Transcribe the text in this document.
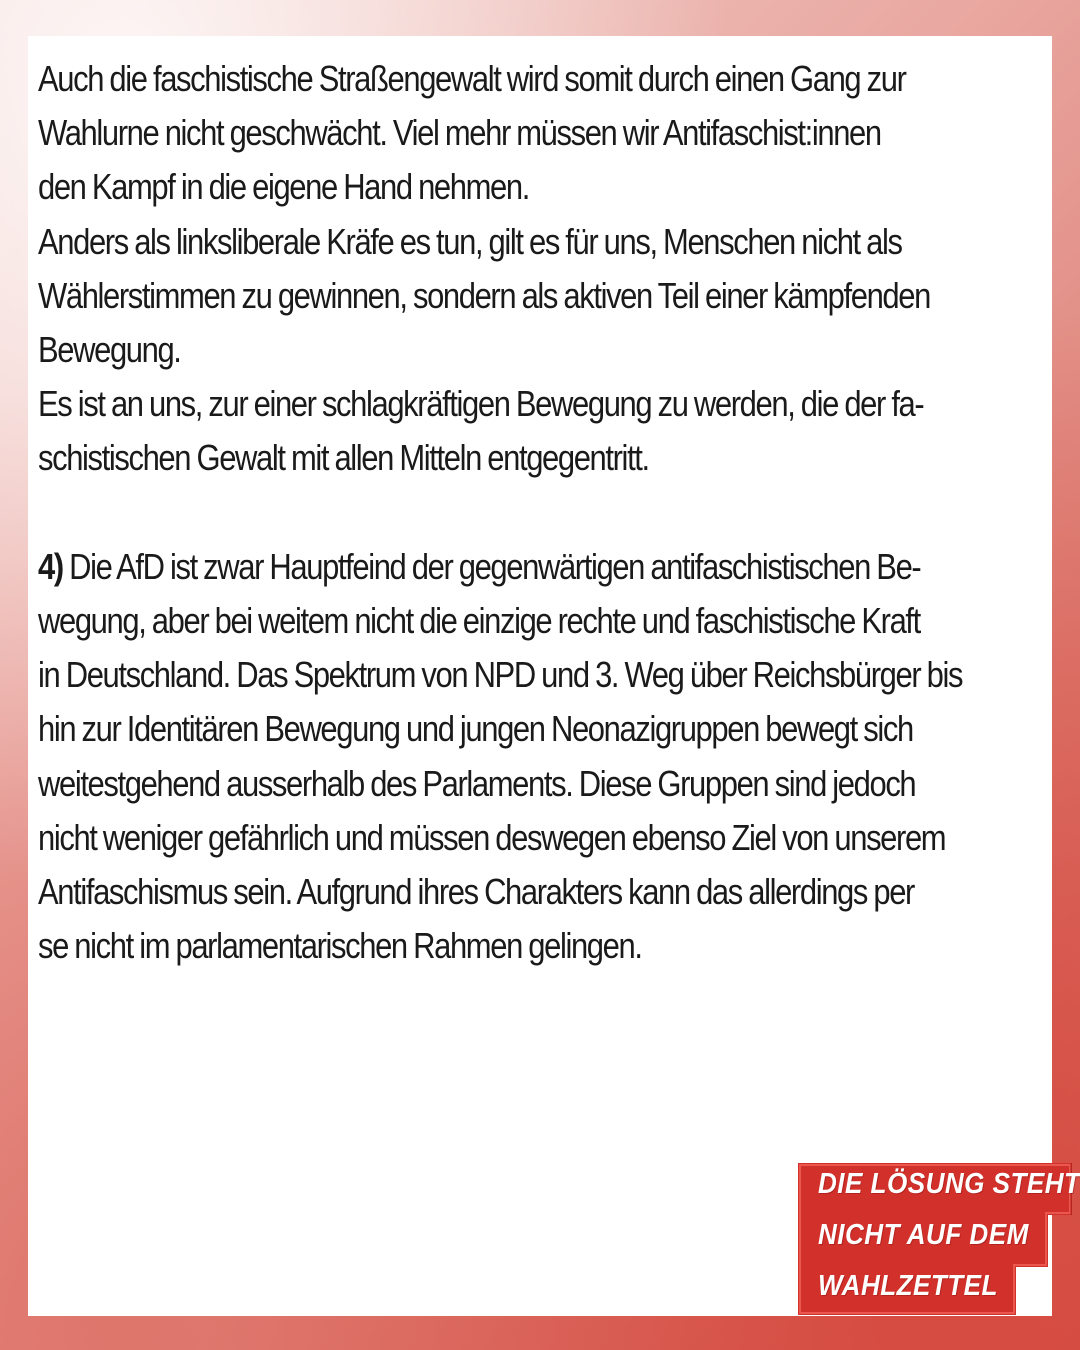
Auch die faschistische Straßengewalt wird somit durch einen Gang zur

Wahlurne nicht geschwächt. Viel mehr müssen wir Antifaschist:innen

den Kampf in die eigene Hand nehmen.

Anders als linksliberale Kräfe es tun, gilt es für uns, Menschen nicht als

Wählerstimmen zu gewinnen, sondern als aktiven Teil einer kämpfenden

Bewegung.

Es ist an uns, zur einer schlagkräftigen Bewegung zu werden, die der fa-

schistischen Gewalt mit allen Mitteln entgegentritt.

4) Die AfD ist zwar Hauptfeind der gegenwärtigen antifaschistischen Be-

wegung, aber bei weitem nicht die einzige rechte und faschistische Kraft

in Deutschland. Das Spektrum von NPD und 3. Weg über Reichsbürger bis

hin zur Identitären Bewegung und jungen Neonazigruppen bewegt sich

weitestgehend ausserhalb des Parlaments. Diese Gruppen sind jedoch

nicht weniger gefährlich und müssen deswegen ebenso Ziel von unserem

Antifaschismus sein. Aufgrund ihres Charakters kann das allerdings per

se nicht im parlamentarischen Rahmen gelingen.

DIE LÖSUNG STEHT
NICHT AUF DEM
WAHLZETTEL
